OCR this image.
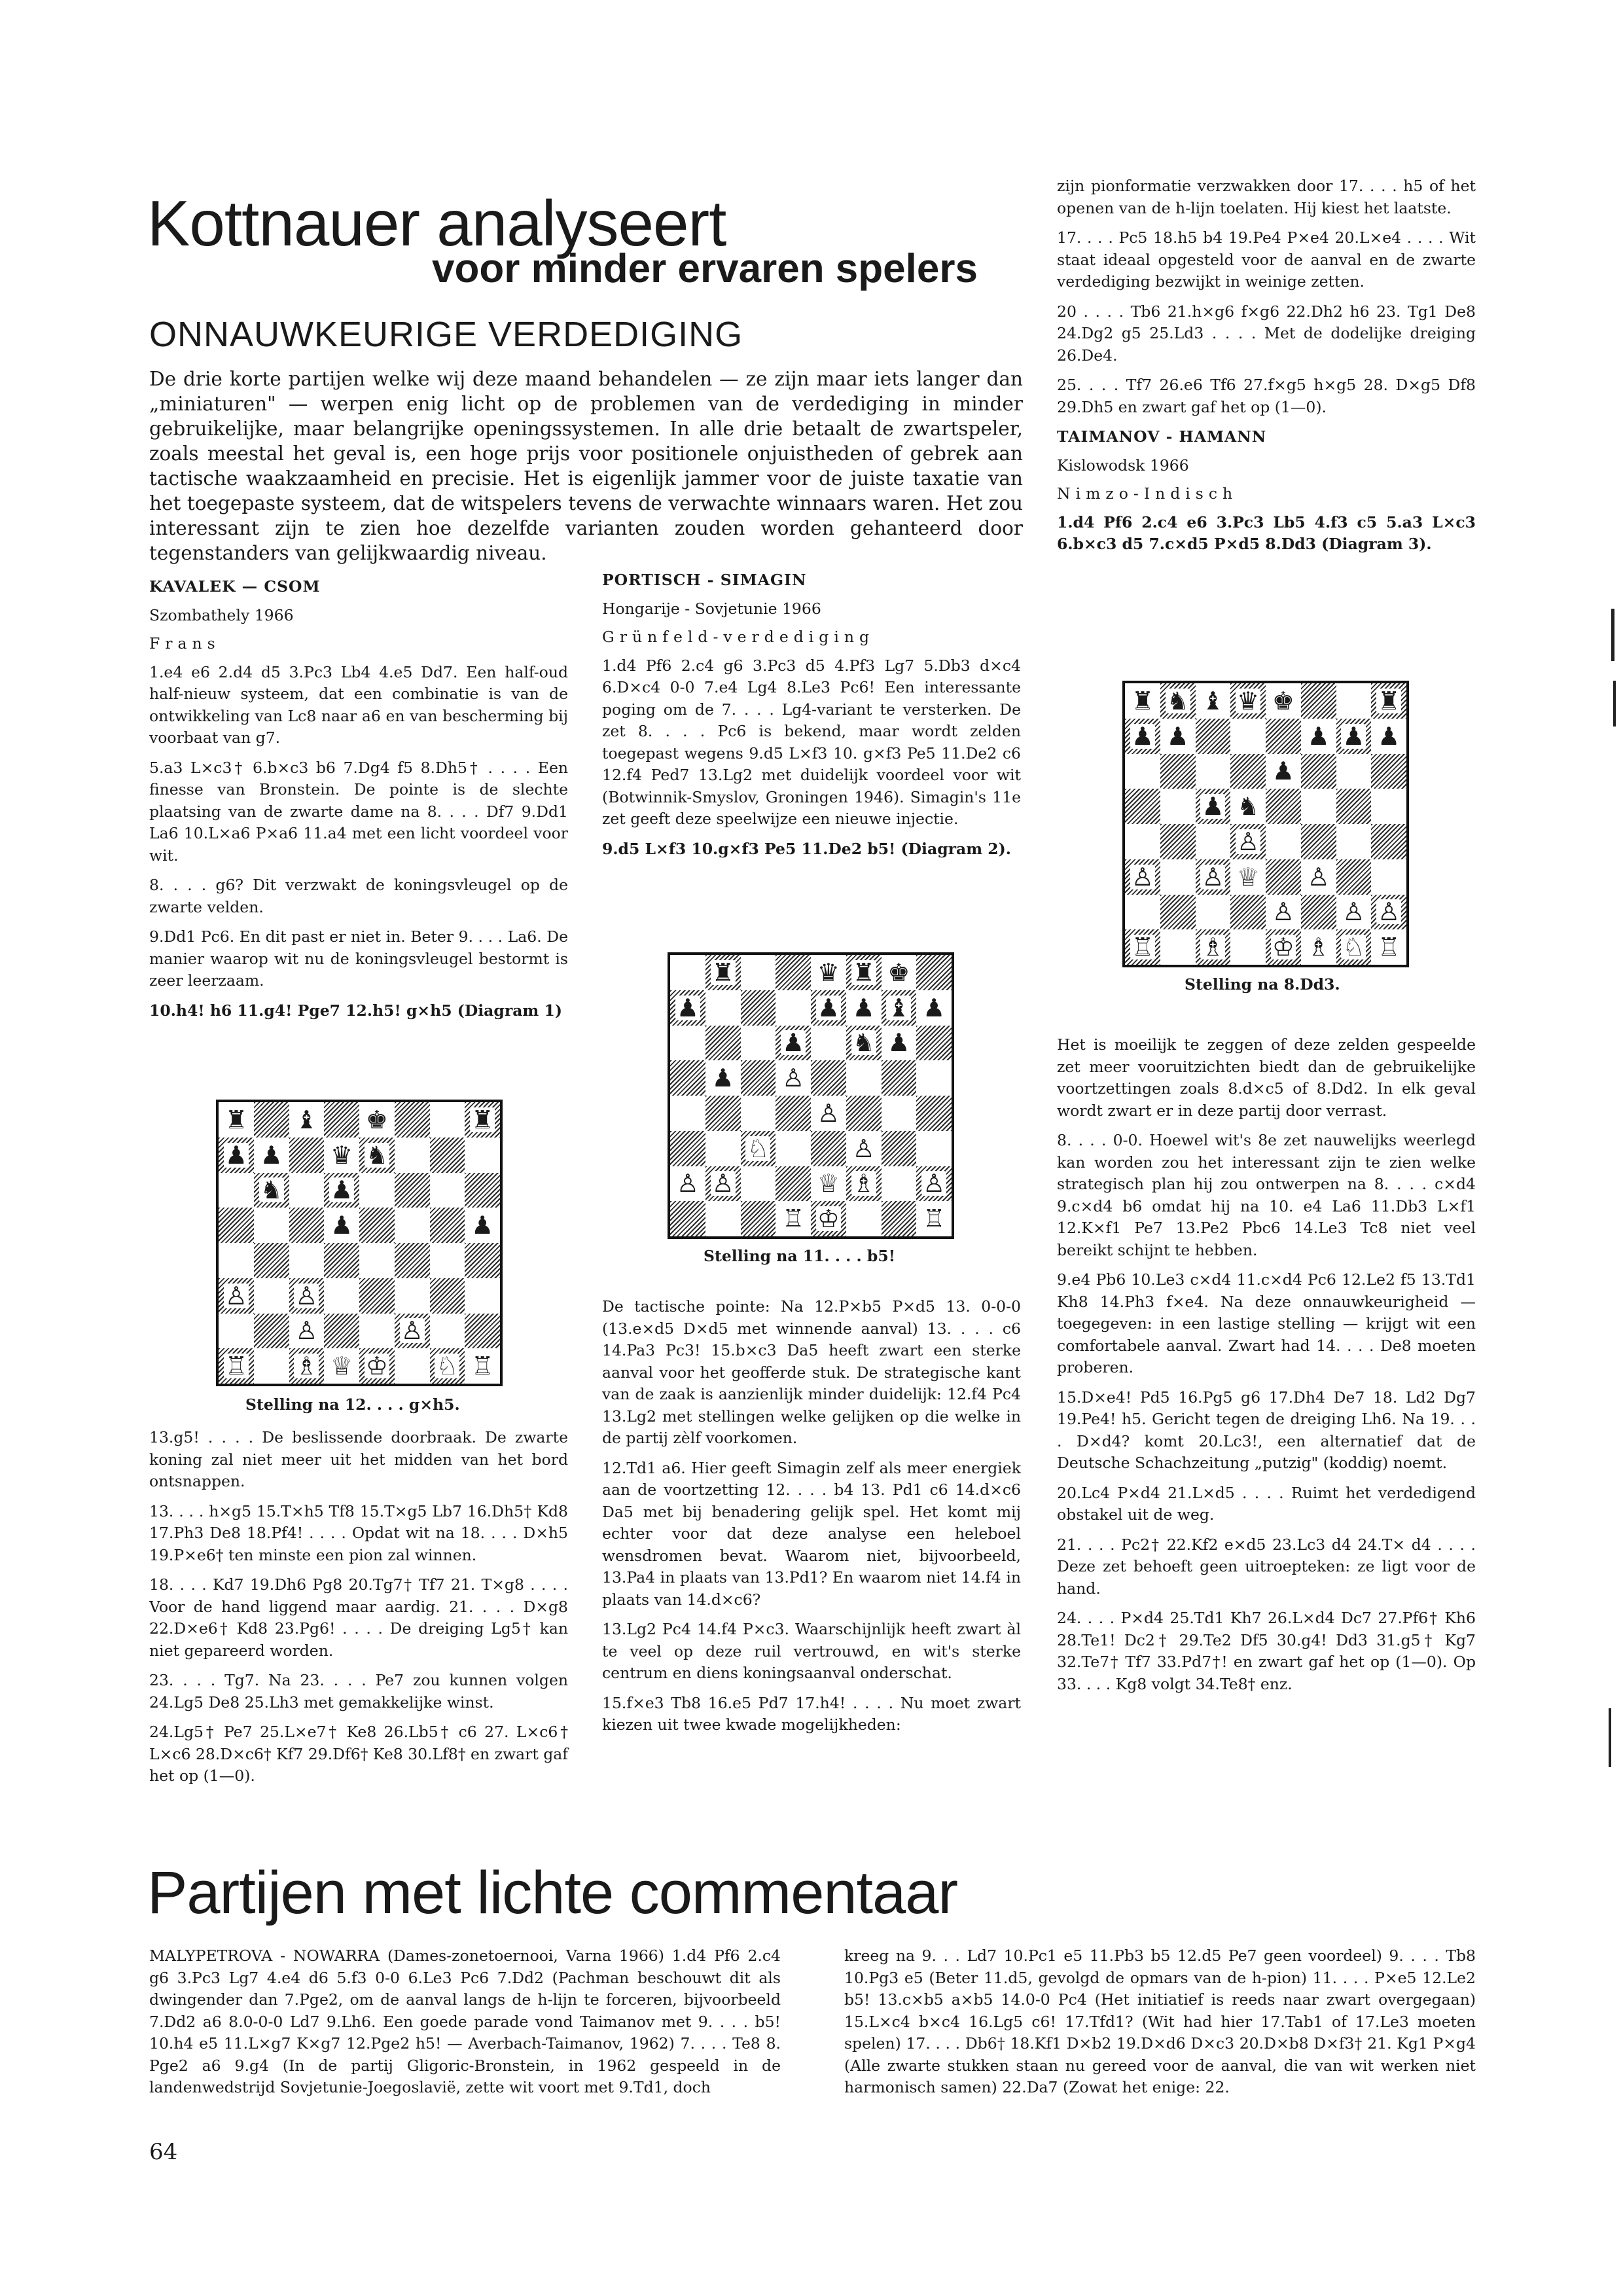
Kottnauer analyseert
voor minder ervaren spelers
ONNAUWKEURIGE VERDEDIGING
De drie korte partijen welke wij deze maand behandelen — ze zijn maar iets langer dan „miniaturen" — werpen enig licht op de problemen van de verdediging in minder gebruikelijke, maar belangrijke openingssystemen. In alle drie betaalt de zwartspeler, zoals meestal het geval is, een hoge prijs voor positionele onjuistheden of gebrek aan tactische waakzaamheid en precisie. Het is eigenlijk jammer voor de juiste taxatie van het toegepaste systeem, dat de witspelers tevens de verwachte winnaars waren. Het zou interessant zijn te zien hoe dezelfde varianten zouden worden gehanteerd door tegenstanders van gelijkwaardig niveau.

KAVALEK — CSOM

Szombathely 1966

Frans

1.e4 e6 2.d4 d5 3.Pc3 Lb4 4.e5 Dd7. Een half-oud half-nieuw systeem, dat een combinatie is van de ontwikkeling van Lc8 naar a6 en van bescherming bij voorbaat van g7.

5.a3 L×c3† 6.b×c3 b6 7.Dg4 f5 8.Dh5† . . . . Een finesse van Bronstein. De pointe is de slechte plaatsing van de zwarte dame na 8. . . . Df7 9.Dd1 La6 10.L×a6 P×a6 11.a4 met een licht voordeel voor wit.

8. . . . g6? Dit verzwakt de koningsvleugel op de zwarte velden.

9.Dd1 Pc6. En dit past er niet in. Beter 9. . . . La6. De manier waarop wit nu de koningsvleugel bestormt is zeer leerzaam.

10.h4! h6 11.g4! Pge7 12.h5! g×h5 (Diagram 1)

♜ ♝ ♚	♜
♟ ♟ ♛ ♞
♞ ♟
♟	♟
♙ ♙
♙	♙
♖ ♗ ♕ ♔ ♘ ♖
Stelling na 12. . . . g×h5.

13.g5! . . . . De beslissende doorbraak. De zwarte koning zal niet meer uit het midden van het bord ontsnappen.

13. . . . h×g5 15.T×h5 Tf8 15.T×g5 Lb7 16.Dh5† Kd8 17.Ph3 De8 18.Pf4! . . . . Opdat wit na 18. . . . D×h5 19.P×e6† ten minste een pion zal winnen.

18. . . . Kd7 19.Dh6 Pg8 20.Tg7† Tf7 21. T×g8 . . . . Voor de hand liggend maar aardig. 21. . . . D×g8 22.D×e6† Kd8 23.Pg6! . . . . De dreiging Lg5† kan niet gepareerd worden.

23. . . . Tg7. Na 23. . . . Pe7 zou kunnen volgen 24.Lg5 De8 25.Lh3 met gemakkelijke winst.

24.Lg5† Pe7 25.L×e7† Ke8 26.Lb5† c6 27. L×c6† L×c6 28.D×c6† Kf7 29.Df6† Ke8 30.Lf8† en zwart gaf het op (1—0).

PORTISCH - SIMAGIN

Hongarije - Sovjetunie 1966

Grünfeld-verdediging

1.d4 Pf6 2.c4 g6 3.Pc3 d5 4.Pf3 Lg7 5.Db3 d×c4 6.D×c4 0-0 7.e4 Lg4 8.Le3 Pc6! Een interessante poging om de 7. . . . Lg4-variant te versterken. De zet 8. . . . Pc6 is bekend, maar wordt zelden toegepast wegens 9.d5 L×f3 10. g×f3 Pe5 11.De2 c6 12.f4 Ped7 13.Lg2 met duidelijk voordeel voor wit (Botwinnik-Smyslov, Groningen 1946). Simagin's 11e zet geeft deze speelwijze een nieuwe injectie.

9.d5 L×f3 10.g×f3 Pe5 11.De2 b5! (Diagram 2).

♜	♛ ♜ ♚
♟	♟ ♟ ♝ ♟
♟ ♞ ♟
♟ ♙
♙
♘	♙
♙ ♙	♕ ♗ ♙
♖ ♔	♖
Stelling na 11. . . . b5!

De tactische pointe: Na 12.P×b5 P×d5 13. 0-0-0 (13.e×d5 D×d5 met winnende aanval) 13. . . . c6 14.Pa3 Pc3! 15.b×c3 Da5 heeft zwart een sterke aanval voor het geofferde stuk. De strategische kant van de zaak is aanzienlijk minder duidelijk: 12.f4 Pc4 13.Lg2 met stellingen welke gelijken op die welke in de partij zèlf voorkomen.

12.Td1 a6. Hier geeft Simagin zelf als meer energiek aan de voortzetting 12. . . . b4 13. Pd1 c6 14.d×c6 Da5 met bij benadering gelijk spel. Het komt mij echter voor dat deze analyse een heleboel wensdromen bevat. Waarom niet, bijvoorbeeld, 13.Pa4 in plaats van 13.Pd1? En waarom niet 14.f4 in plaats van 14.d×c6?

13.Lg2 Pc4 14.f4 P×c3. Waarschijnlijk heeft zwart àl te veel op deze ruil vertrouwd, en wit's sterke centrum en diens koningsaanval onderschat.

15.f×e3 Tb8 16.e5 Pd7 17.h4! . . . . Nu moet zwart kiezen uit twee kwade mogelijkheden:

zijn pionformatie verzwakken door 17. . . . h5 of het openen van de h-lijn toelaten. Hij kiest het laatste.

17. . . . Pc5 18.h5 b4 19.Pe4 P×e4 20.L×e4 . . . . Wit staat ideaal opgesteld voor de aanval en de zwarte verdediging bezwijkt in weinige zetten.

20 . . . . Tb6 21.h×g6 f×g6 22.Dh2 h6 23. Tg1 De8 24.Dg2 g5 25.Ld3 . . . . Met de dodelijke dreiging 26.De4.

25. . . . Tf7 26.e6 Tf6 27.f×g5 h×g5 28. D×g5 Df8 29.Dh5 en zwart gaf het op (1—0).

TAIMANOV - HAMANN

Kislowodsk 1966

Nimzo-Indisch

1.d4 Pf6 2.c4 e6 3.Pc3 Lb5 4.f3 c5 5.a3 L×c3 6.b×c3 d5 7.c×d5 P×d5 8.Dd3 (Diagram 3).

♜ ♞ ♝ ♛ ♚	♜
♟ ♟	♟ ♟ ♟
♟
♟ ♞
♙
♙ ♙ ♕ ♙
♙ ♙ ♙
♖ ♗ ♔ ♗ ♘ ♖
Stelling na 8.Dd3.

Het is moeilijk te zeggen of deze zelden gespeelde zet meer vooruitzichten biedt dan de gebruikelijke voortzettingen zoals 8.d×c5 of 8.Dd2. In elk geval wordt zwart er in deze partij door verrast.

8. . . . 0-0. Hoewel wit's 8e zet nauwelijks weerlegd kan worden zou het interessant zijn te zien welke strategisch plan hij zou ontwerpen na 8. . . . c×d4 9.c×d4 b6 omdat hij na 10. e4 La6 11.Db3 L×f1 12.K×f1 Pe7 13.Pe2 Pbc6 14.Le3 Tc8 niet veel bereikt schijnt te hebben.

9.e4 Pb6 10.Le3 c×d4 11.c×d4 Pc6 12.Le2 f5 13.Td1 Kh8 14.Ph3 f×e4. Na deze onnauwkeurigheid — toegegeven: in een lastige stelling — krijgt wit een comfortabele aanval. Zwart had 14. . . . De8 moeten proberen.

15.D×e4! Pd5 16.Pg5 g6 17.Dh4 De7 18. Ld2 Dg7 19.Pe4! h5. Gericht tegen de dreiging Lh6. Na 19. . . . D×d4? komt 20.Lc3!, een alternatief dat de Deutsche Schachzeitung „putzig" (koddig) noemt.

20.Lc4 P×d4 21.L×d5 . . . . Ruimt het verdedigend obstakel uit de weg.

21. . . . Pc2† 22.Kf2 e×d5 23.Lc3 d4 24.T× d4 . . . . Deze zet behoeft geen uitroepteken: ze ligt voor de hand.

24. . . . P×d4 25.Td1 Kh7 26.L×d4 Dc7 27.Pf6† Kh6 28.Te1! Dc2† 29.Te2 Df5 30.g4! Dd3 31.g5† Kg7 32.Te7† Tf7 33.Pd7†! en zwart gaf het op (1—0). Op 33. . . . Kg8 volgt 34.Te8† enz.

Partijen met lichte commentaar

MALYPETROVA - NOWARRA (Dames-zonetoernooi, Varna 1966) 1.d4 Pf6 2.c4 g6 3.Pc3 Lg7 4.e4 d6 5.f3 0-0 6.Le3 Pc6 7.Dd2 (Pachman beschouwt dit als dwingender dan 7.Pge2, om de aanval langs de h-lijn te forceren, bijvoorbeeld 7.Dd2 a6 8.0-0-0 Ld7 9.Lh6. Een goede parade vond Taimanov met 9. . . . b5! 10.h4 e5 11.L×g7 K×g7 12.Pge2 h5! — Averbach-Taimanov, 1962) 7. . . . Te8 8. Pge2 a6 9.g4 (In de partij Gligoric-Bronstein, in 1962 gespeeld in de landenwedstrijd Sovjetunie-Joegoslavië, zette wit voort met 9.Td1, doch

kreeg na 9. . . Ld7 10.Pc1 e5 11.Pb3 b5 12.d5 Pe7 geen voordeel) 9. . . . Tb8 10.Pg3 e5 (Beter 11.d5, gevolgd de opmars van de h-pion) 11. . . . P×e5 12.Le2 b5! 13.c×b5 a×b5 14.0-0 Pc4 (Het initiatief is reeds naar zwart overgegaan) 15.L×c4 b×c4 16.Lg5 c6! 17.Tfd1? (Wit had hier 17.Tab1 of 17.Le3 moeten spelen) 17. . . . Db6† 18.Kf1 D×b2 19.D×d6 D×c3 20.D×b8 D×f3† 21. Kg1 P×g4 (Alle zwarte stukken staan nu gereed voor de aanval, die van wit werken niet harmonisch samen) 22.Da7 (Zowat het enige: 22.

64
